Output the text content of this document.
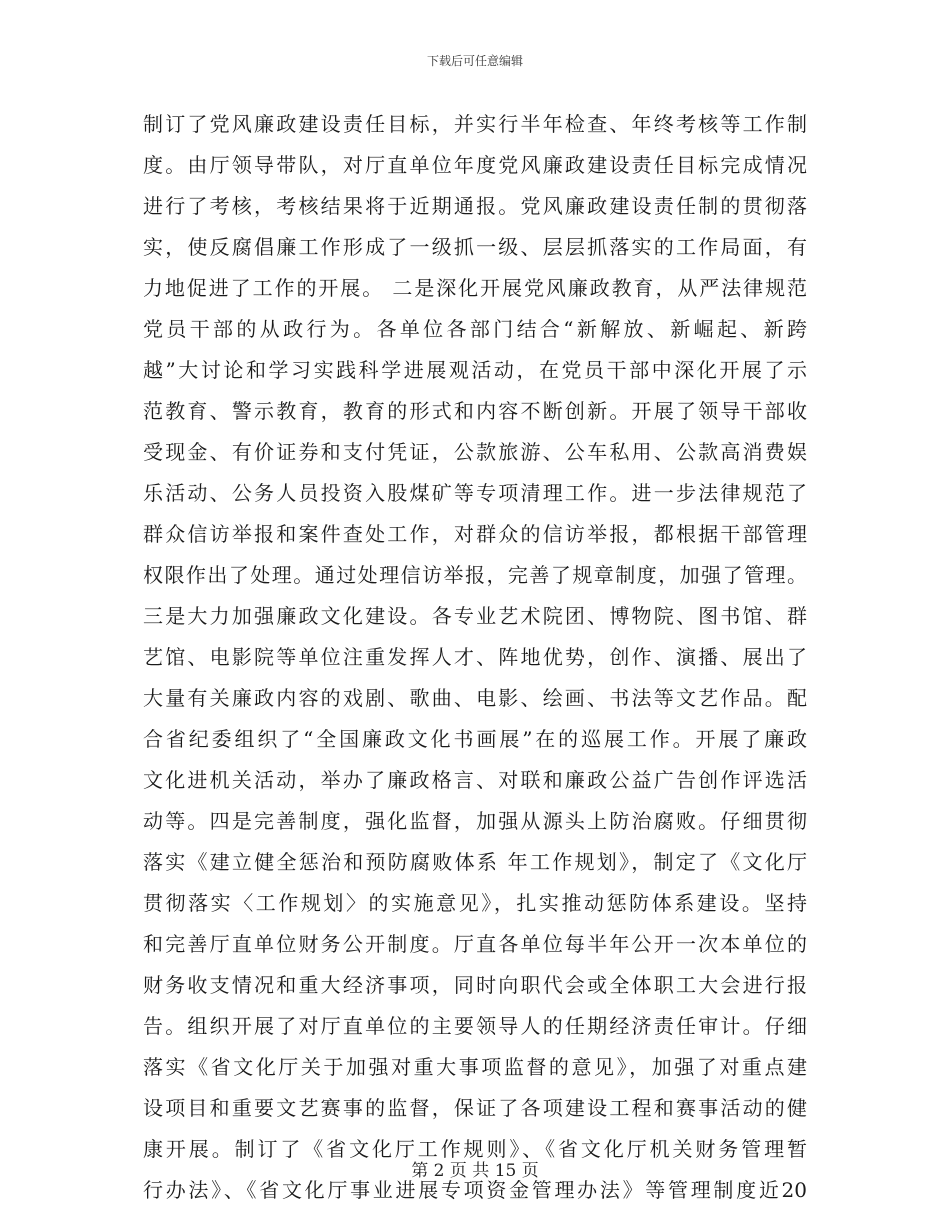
下载后可任意编辑
制订了党风廉政建设责任目标，并实行半年检查、年终考核等工作制
度。由厅领导带队，对厅直单位年度党风廉政建设责任目标完成情况
进行了考核，考核结果将于近期通报。党风廉政建设责任制的贯彻落
实，使反腐倡廉工作形成了一级抓一级、层层抓落实的工作局面，有
力地促进了工作的开展。 二是深化开展党风廉政教育，从严法律规范
党员干部的从政行为。各单位各部门结合“新解放、新崛起、新跨
越”大讨论和学习实践科学进展观活动，在党员干部中深化开展了示
范教育、警示教育，教育的形式和内容不断创新。开展了领导干部收
受现金、有价证券和支付凭证，公款旅游、公车私用、公款高消费娱
乐活动、公务人员投资入股煤矿等专项清理工作。进一步法律规范了
群众信访举报和案件查处工作，对群众的信访举报，都根据干部管理
权限作出了处理。通过处理信访举报，完善了规章制度，加强了管理。
三是大力加强廉政文化建设。各专业艺术院团、博物院、图书馆、群
艺馆、电影院等单位注重发挥人才、阵地优势，创作、演播、展出了
大量有关廉政内容的戏剧、歌曲、电影、绘画、书法等文艺作品。配
合省纪委组织了“全国廉政文化书画展”在的巡展工作。开展了廉政
文化进机关活动，举办了廉政格言、对联和廉政公益广告创作评选活
动等。四是完善制度，强化监督，加强从源头上防治腐败。仔细贯彻
落实《建立健全惩治和预防腐败体系 年工作规划》，制定了《文化厅
贯彻落实〈工作规划〉的实施意见》，扎实推动惩防体系建设。坚持
和完善厅直单位财务公开制度。厅直各单位每半年公开一次本单位的
财务收支情况和重大经济事项，同时向职代会或全体职工大会进行报
告。组织开展了对厅直单位的主要领导人的任期经济责任审计。仔细
落实《省文化厅关于加强对重大事项监督的意见》，加强了对重点建
设项目和重要文艺赛事的监督，保证了各项建设工程和赛事活动的健
康开展。制订了《省文化厅工作规则》、《省文化厅机关财务管理暂
行办法》、《省文化厅事业进展专项资金管理办法》等管理制度近20
第 2 页 共 15 页
